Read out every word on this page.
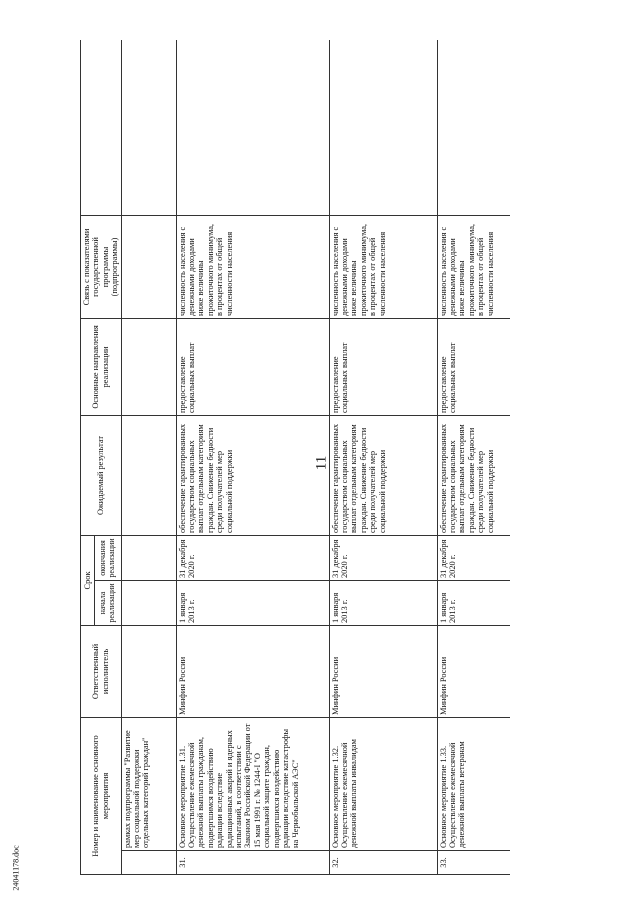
11
24041178.doc
Номер и наименование основного мероприятия		Ответственный исполнитель	Срок		Ожидаемый результат	Основные направления реализации	Связь с показателями государственной программы (подпрограммы)	
			начала реализации	окончания реализации				
	рамках подпрограммы "Развитие мер социальной поддержки отдельных категорий граждан"							
31.	Основное мероприятие 1.31. Осуществление ежемесячной денежной выплаты гражданам, подвергшимся воздействию радиации вследствие радиационных аварий и ядерных испытаний, в соответствии с Законом Российской Федерации от 15 мая 1991 г. № 1244-I "О социальной защите граждан, подвергшихся воздействию радиации вследствие катастрофы на Чернобыльской АЭС"	Минфин России	1 января 2013 г.	31 декабря 2020 г.	обеспечение гарантированных государством социальных выплат отдельным категориям граждан. Снижение бедности среди получателей мер социальной поддержки	предоставление социальных выплат	численность населения с денежными доходами ниже величины прожиточного минимума, в процентах от общей численности населения	
32.	Основное мероприятие 1.32. Осуществление ежемесячной денежной выплаты инвалидам	Минфин России	1 января 2013 г.	31 декабря 2020 г.	обеспечение гарантированных государством социальных выплат отдельным категориям граждан. Снижение бедности среди получателей мер социальной поддержки	предоставление социальных выплат	численность населения с денежными доходами ниже величины прожиточного минимума, в процентах от общей численности населения	
33.	Основное мероприятие 1.33. Осуществление ежемесячной денежной выплаты ветеранам	Минфин России	1 января 2013 г.	31 декабря 2020 г.	обеспечение гарантированных государством социальных выплат отдельным категориям граждан. Снижение бедности среди получателей мер социальной поддержки	предоставление социальных выплат	численность населения с денежными доходами ниже величины прожиточного минимума, в процентах от общей численности населения	
